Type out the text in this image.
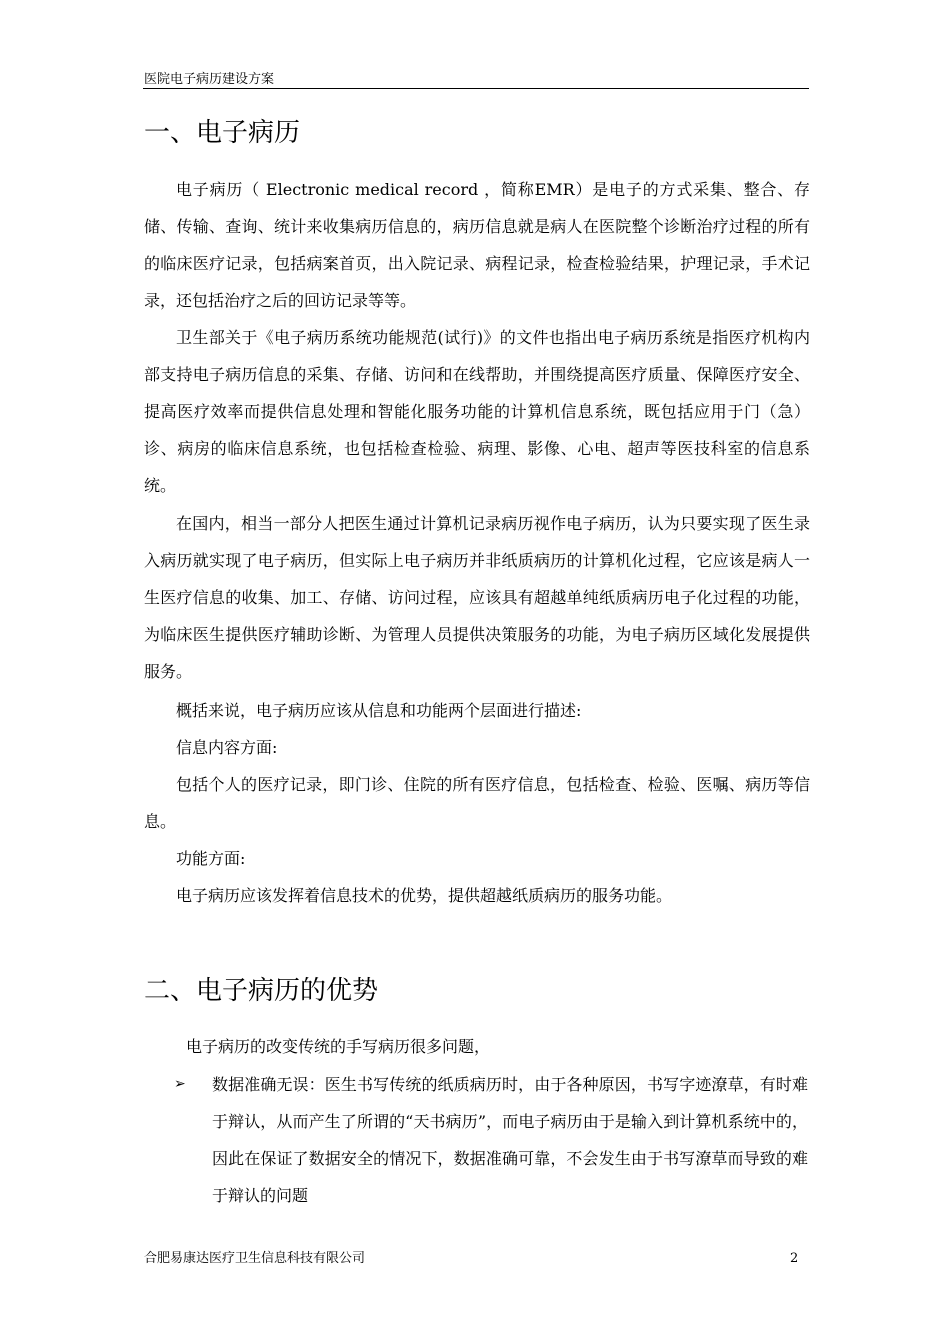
医院电子病历建设方案
一、电子病历

电子病历（ Electronic medical record ，简称EMR）是电子的方式采集、整合、存储、传输、查询、统计来收集病历信息的，病历信息就是病人在医院整个诊断治疗过程的所有的临床医疗记录，包括病案首页，出入院记录、病程记录，检查检验结果，护理记录，手术记录，还包括治疗之后的回访记录等等。

卫生部关于《电子病历系统功能规范(试行)》的文件也指出电子病历系统是指医疗机构内部支持电子病历信息的采集、存储、访问和在线帮助，并围绕提高医疗质量、保障医疗安全、提高医疗效率而提供信息处理和智能化服务功能的计算机信息系统，既包括应用于门（急）诊、病房的临床信息系统，也包括检查检验、病理、影像、心电、超声等医技科室的信息系统。

在国内，相当一部分人把医生通过计算机记录病历视作电子病历，认为只要实现了医生录入病历就实现了电子病历，但实际上电子病历并非纸质病历的计算机化过程，它应该是病人一生医疗信息的收集、加工、存储、访问过程，应该具有超越单纯纸质病历电子化过程的功能，为临床医生提供医疗辅助诊断、为管理人员提供决策服务的功能，为电子病历区域化发展提供服务。

概括来说，电子病历应该从信息和功能两个层面进行描述:

信息内容方面:

包括个人的医疗记录，即门诊、住院的所有医疗信息，包括检查、检验、医嘱、病历等信息。

功能方面:

电子病历应该发挥着信息技术的优势，提供超越纸质病历的服务功能。

二、电子病历的优势
电子病历的改变传统的手写病历很多问题，
➢ 数据准确无误：医生书写传统的纸质病历时，由于各种原因，书写字迹潦草，有时难于辩认，从而产生了所谓的“天书病历”，而电子病历由于是输入到计算机系统中的，因此在保证了数据安全的情况下，数据准确可靠，不会发生由于书写潦草而导致的难于辩认的问题

合肥易康达医疗卫生信息科技有限公司	2
